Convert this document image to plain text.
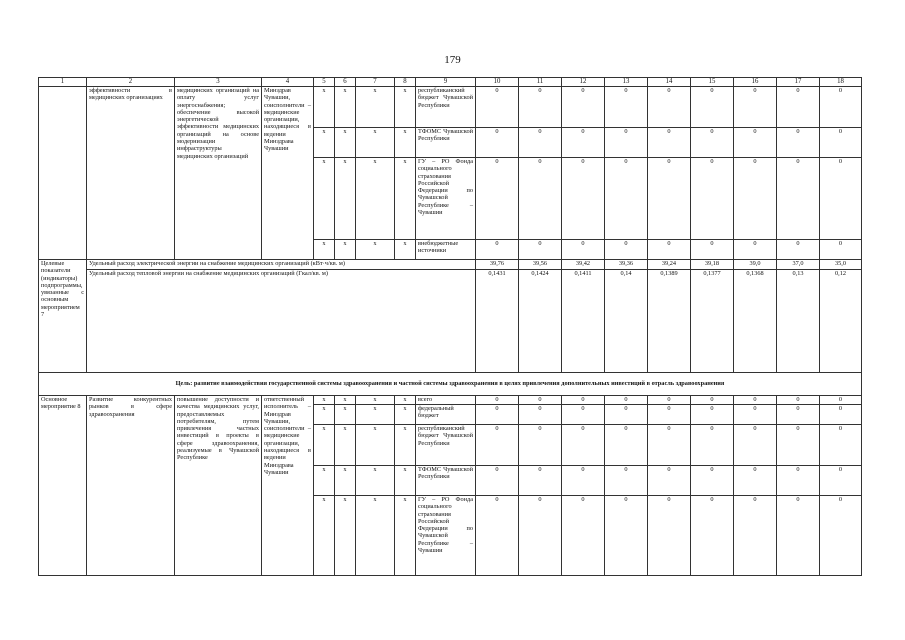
179
1	2	3	4	5	6	7	8	9	10	11	12	13	14	15	16	17	18
	эффективности в медицинских организациях	медицинских организаций на оплату услуг энергоснабжения; обеспечение высокой энергетической эффективности медицинских организаций на основе модернизации инфраструктуры медицинских организаций	Минздрав Чувашии, соисполнители – медицинские организации, находящиеся в ведении Минздрава Чувашии	x	x	x	x	республиканский бюджет Чувашской Республики	0	0	0	0	0	0	0	0	0
				x	x	x	x	ТФОМС Чувашской Республики	0	0	0	0	0	0	0	0	0
				x	x	x	x	ГУ – РО Фонда социального страхования Российской Федерации по Чувашской Республике – Чувашии	0	0	0	0	0	0	0	0	0
				x	x	x	x	внебюджетные источники	0	0	0	0	0	0	0	0	0
Целевые показатели (индикаторы) подпрограммы, увязанные с основным мероприятием 7	Удельный расход электрической энергии на снабжение медицинских организаций (кВт·ч/кв. м)								39,76	39,56	39,42	39,36	39,24	39,18	39,0	37,0	35,0
	Удельный расход тепловой энергии на снабжение медицинских организаций (Гкал/кв. м)								0,1431	0,1424	0,1411	0,14	0,1389	0,1377	0,1368	0,13	0,12
Цель: развитие взаимодействия государственной системы здравоохранения и частной системы здравоохранения в целях привлечения дополнительных инвестиций в отрасль здравоохранения																	
Основное мероприятие 8	Развитие конкурентных рынков в сфере здравоохранения	повышение доступности и качества медицинских услуг, предоставляемых потребителям, путем привлечения частных инвестиций в проекты в сфере здравоохранения, реализуемые в Чувашской Республике	ответственный исполнитель – Минздрав Чувашии, соисполнители – медицинские организации, находящиеся в ведении Минздрава Чувашии	x	x	x	x	всего	0	0	0	0	0	0	0	0	0
				x	x	x	x	федеральный бюджет	0	0	0	0	0	0	0	0	0
				x	x	x	x	республиканский бюджет Чувашской Республики	0	0	0	0	0	0	0	0	0
				x	x	x	x	ТФОМС Чувашской Республики	0	0	0	0	0	0	0	0	0
				x	x	x	x	ГУ – РО Фонда социального страхования Российской Федерации по Чувашской Республике – Чувашии	0	0	0	0	0	0	0	0	0
